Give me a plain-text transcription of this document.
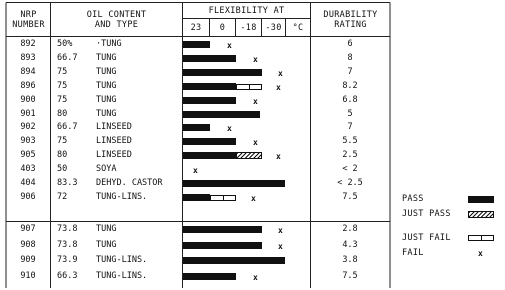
NRP
NUMBER
OIL CONTENT
AND TYPE
FLEXIBILITY AT
23	0	-18	-30	°C
DURABILITY
RATING
892	50%	·TUNG	6
x
893	66.7 TUNG	8
x
894	75	TUNG	7
x
896	75	TUNG	8.2
x
900	75	TUNG	6.8
x
901	80	TUNG	5
902	66.7 LINSEED	7
x
903	75	LINSEED	5.5
x
905	80	LINSEED	2.5
x
403	50	SOYA	< 2
x
404	83.3 DEHYD. CASTOR	< 2.5
906	72	TUNG-LINS.	7.5
x
907	73.8 TUNG	2.8
x
908	73.8 TUNG	4.3
x
909	73.9 TUNG-LINS.	3.8
910	66.3 TUNG-LINS.	7.5
x
PASS
JUST PASS
JUST FAIL
FAIL	x
